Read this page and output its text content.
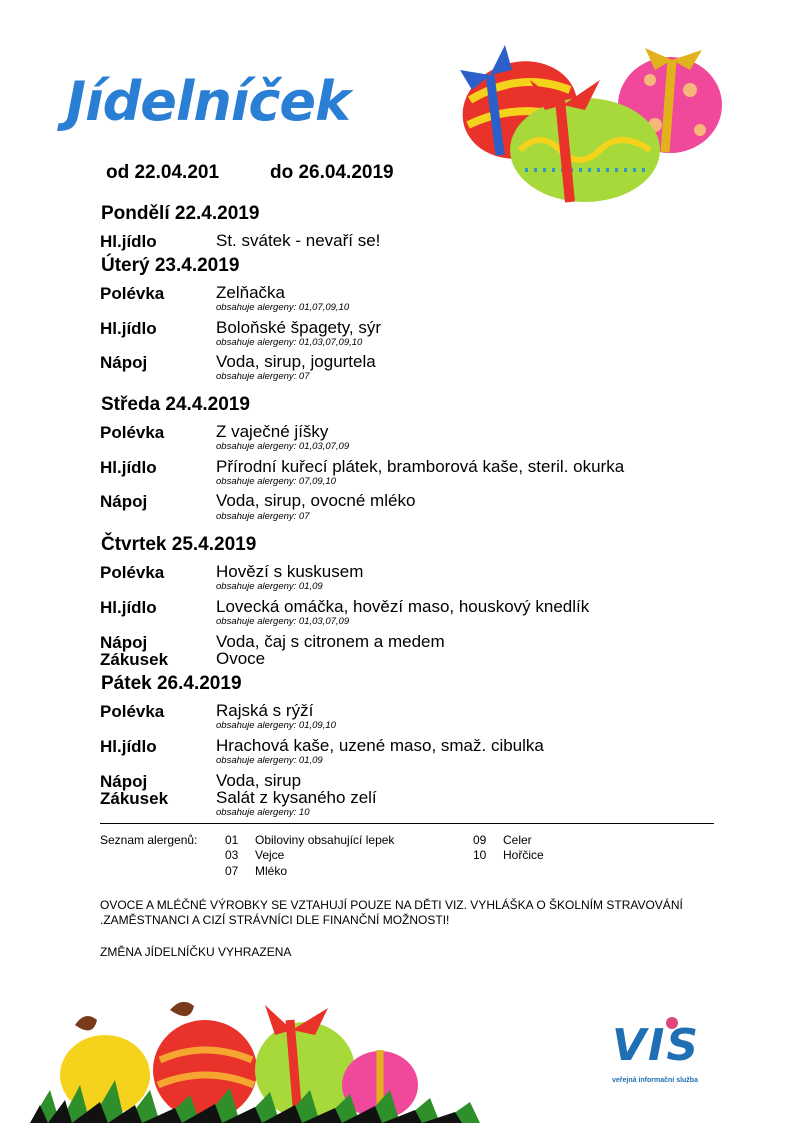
Jídelníček
od 22.04.201	do 26.04.2019
Pondělí 22.4.2019
Hl.jídlo	St. svátek - nevaří se!
Úterý 23.4.2019
Polévka	Zelňačka
obsahuje alergeny: 01,07,09,10
Hl.jídlo	Boloňské špagety, sýr
obsahuje alergeny: 01,03,07,09,10
Nápoj	Voda, sirup, jogurtela
obsahuje alergeny: 07
Středa 24.4.2019
Polévka	Z vaječné jíšky
obsahuje alergeny: 01,03,07,09
Hl.jídlo	Přírodní kuřecí plátek, bramborová kaše, steril. okurka
obsahuje alergeny: 07,09,10
Nápoj	Voda, sirup, ovocné mléko
obsahuje alergeny: 07
Čtvrtek 25.4.2019
Polévka	Hovězí s kuskusem
obsahuje alergeny: 01,09
Hl.jídlo	Lovecká omáčka, hovězí maso, houskový knedlík
obsahuje alergeny: 01,03,07,09
Nápoj	Voda, čaj s citronem a medem
Zákusek	Ovoce
Pátek 26.4.2019
Polévka	Rajská s rýží
obsahuje alergeny: 01,09,10
Hl.jídlo	Hrachová kaše, uzené maso, smaž. cibulka
obsahuje alergeny: 01,09
Nápoj	Voda, sirup
Zákusek	Salát z kysaného zelí
obsahuje alergeny: 10
Seznam alergenů: 01 Obiloviny obsahující lepek
03 Vejce
07 Mléko
09 Celer
10 Hořčice
OVOCE A MLÉČNÉ VÝROBKY SE VZTAHUJÍ POUZE NA DĚTI VIZ. VYHLÁŠKA O ŠKOLNÍM STRAVOVÁNÍ .ZAMĚSTNANCI A CIZÍ STRÁVNÍCI DLE FINANČNÍ MOŽNOSTI!
ZMĚNA JÍDELNÍČKU VYHRAZENA
VIS
veřejná informační služba
